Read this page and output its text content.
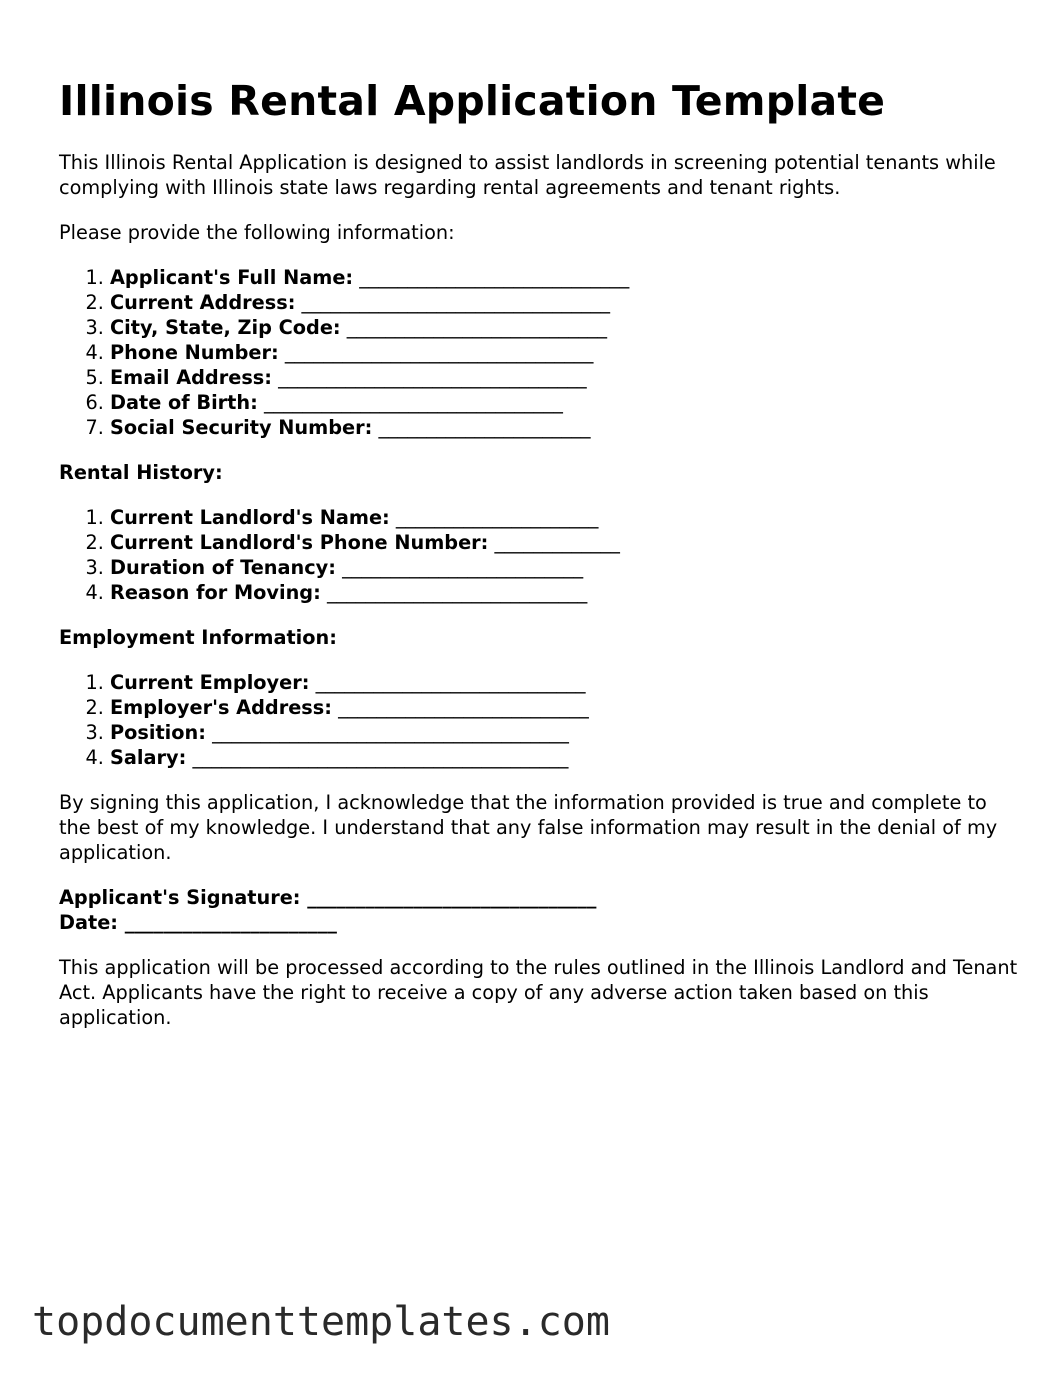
Illinois Rental Application Template

This Illinois Rental Application is designed to assist landlords in screening potential tenants while complying with Illinois state laws regarding rental agreements and tenant rights.

Please provide the following information:

1. Applicant's Full Name: ____________________________
2. Current Address: ________________________________
3. City, State, Zip Code: ___________________________
4. Phone Number: ________________________________
5. Email Address: ________________________________
6. Date of Birth: _______________________________
7. Social Security Number: ______________________
Rental History:
1. Current Landlord's Name: _____________________
2. Current Landlord's Phone Number: _____________
3. Duration of Tenancy: _________________________
4. Reason for Moving: ___________________________
Employment Information:
1. Current Employer: ____________________________
2. Employer's Address: __________________________
3. Position: _____________________________________
4. Salary: _______________________________________

By signing this application, I acknowledge that the information provided is true and complete to the best of my knowledge. I understand that any false information may result in the denial of my application.

Applicant's Signature: ______________________________
Date: ______________________

This application will be processed according to the rules outlined in the Illinois Landlord and Tenant Act. Applicants have the right to receive a copy of any adverse action taken based on this application.

topdocumenttemplates.com
